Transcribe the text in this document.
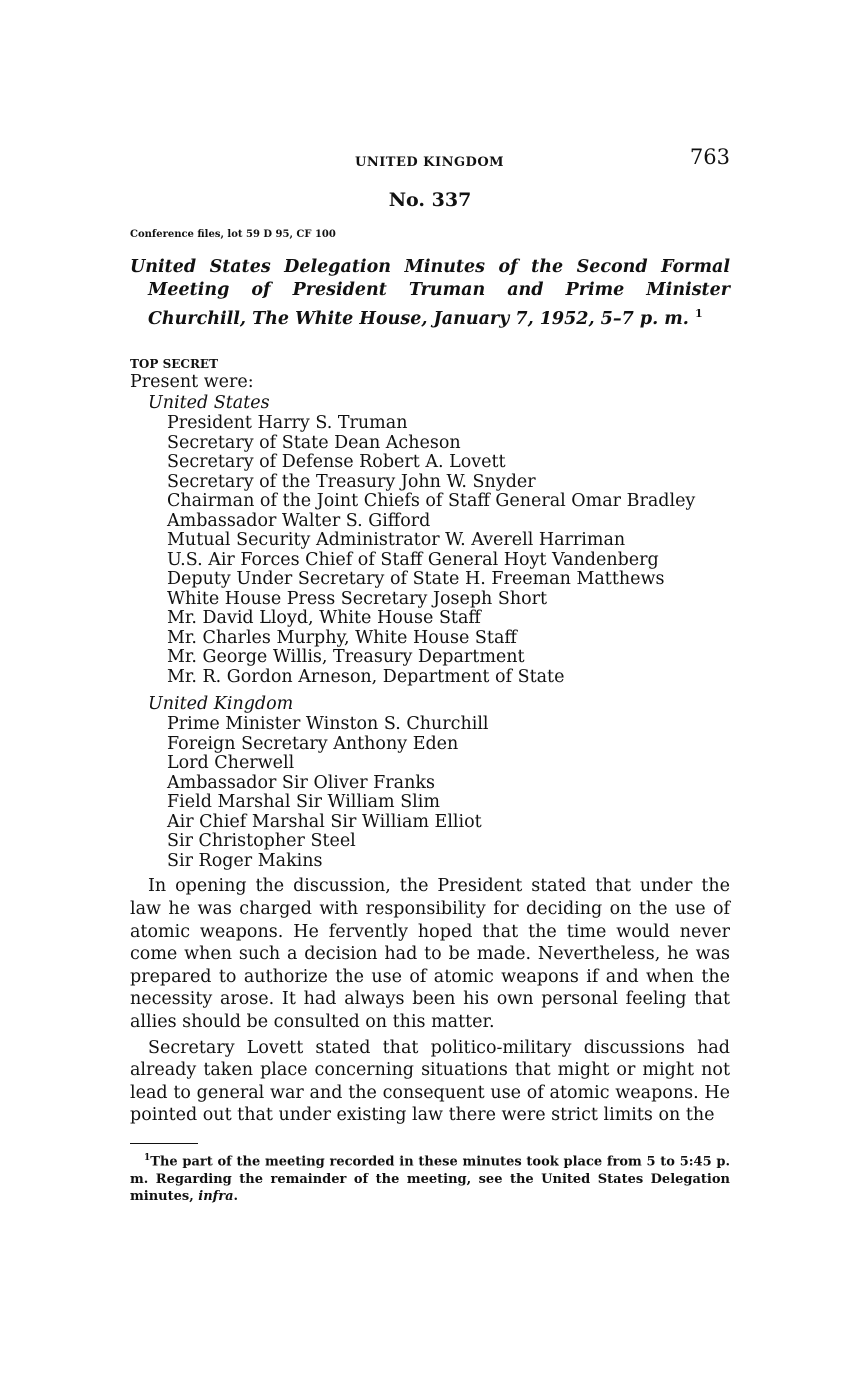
UNITED KINGDOM	763
No. 337
Conference files, lot 59 D 95, CF 100
United States Delegation Minutes of the Second Formal Meeting of President Truman and Prime Minister Churchill, The White House, January 7, 1952, 5–7 p. m. $^1$
TOP SECRET
Present were:
United States
President Harry S. Truman
Secretary of State Dean Acheson
Secretary of Defense Robert A. Lovett
Secretary of the Treasury John W. Snyder
Chairman of the Joint Chiefs of Staff General Omar Bradley
Ambassador Walter S. Gifford
Mutual Security Administrator W. Averell Harriman
U.S. Air Forces Chief of Staff General Hoyt Vandenberg
Deputy Under Secretary of State H. Freeman Matthews
White House Press Secretary Joseph Short
Mr. David Lloyd, White House Staff
Mr. Charles Murphy, White House Staff
Mr. George Willis, Treasury Department
Mr. R. Gordon Arneson, Department of State
United Kingdom
Prime Minister Winston S. Churchill
Foreign Secretary Anthony Eden
Lord Cherwell
Ambassador Sir Oliver Franks
Field Marshal Sir William Slim
Air Chief Marshal Sir William Elliot
Sir Christopher Steel
Sir Roger Makins

In opening the discussion, the President stated that under the law he was charged with responsibility for deciding on the use of atomic weapons. He fervently hoped that the time would never come when such a decision had to be made. Nevertheless, he was prepared to authorize the use of atomic weapons if and when the necessity arose. It had always been his own personal feeling that allies should be consulted on this matter.

Secretary Lovett stated that politico-military discussions had already taken place concerning situations that might or might not lead to general war and the consequent use of atomic weapons. He pointed out that under existing law there were strict limits on the

$^1$The part of the meeting recorded in these minutes took place from 5 to 5:45 p. m. Regarding the remainder of the meeting, see the United States Delegation minutes, infra.
